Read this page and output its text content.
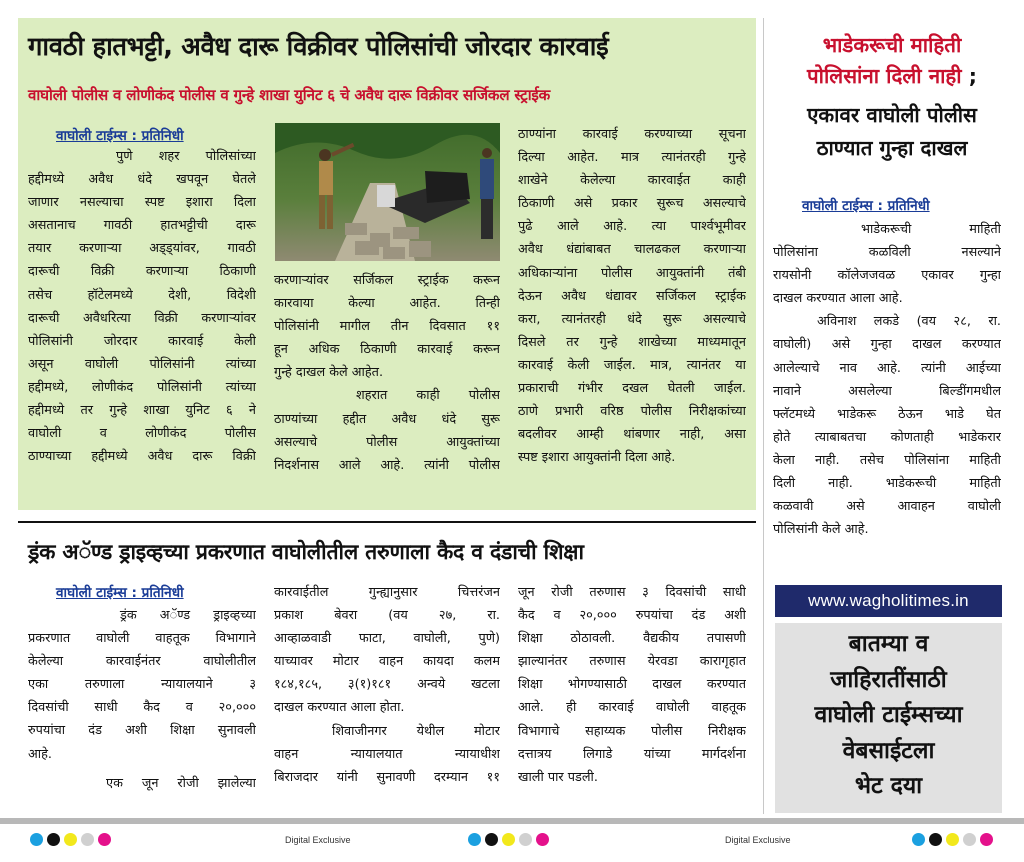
गावठी हातभट्टी, अवैध दारू विक्रीवर पोलिसांची जोरदार कारवाई
वाघोली पोलीस व लोणीकंद पोलीस व गुन्हे शाखा युनिट ६ चे अवैध दारू विक्रीवर सर्जिकल स्ट्राईक
वाघोली टाईम्स : प्रतिनिधी
पुणे शहर पोलिसांच्या
हद्दीमध्ये अवैध धंदे खपवून घेतले
जाणार नसल्याचा स्पष्ट इशारा दिला
असतानाच गावठी हातभट्टीची दारू
तयार करणाऱ्या अड्ड्यांवर, गावठी
दारूची विक्री करणाऱ्या ठिकाणी
तसेच हॉटेलमध्ये देशी, विदेशी
दारूची अवैधरित्या विक्री करणाऱ्यांवर
पोलिसांनी जोरदार कारवाई केली
असून वाघोली पोलिसांनी त्यांच्या
हद्दीमध्ये, लोणीकंद पोलिसांनी त्यांच्या
हद्दीमध्ये तर गुन्हे शाखा युनिट ६ ने
वाघोली व लोणीकंद पोलीस
ठाण्याच्या हद्दीमध्ये अवैध दारू विक्री
करणाऱ्यांवर सर्जिकल स्ट्राईक करून
कारवाया केल्या आहेत. तिन्ही
पोलिसांनी मागील तीन दिवसात ११
हून अधिक ठिकाणी कारवाई करून
गुन्हे दाखल केले आहेत.
शहरात काही पोलीस
ठाण्यांच्या हद्दीत अवैध धंदे सुरू
असल्याचे पोलीस आयुक्तांच्या
निदर्शनास आले आहे. त्यांनी पोलीस
ठाण्यांना कारवाई करण्याच्या सूचना
दिल्या आहेत. मात्र त्यानंतरही गुन्हे
शाखेने केलेल्या कारवाईत काही
ठिकाणी असे प्रकार सुरूच असल्याचे
पुढे आले आहे. त्या पार्श्वभूमीवर
अवैध धंद्यांबाबत चालढकल करणाऱ्या
अधिकाऱ्यांना पोलीस आयुक्तांनी तंबी
देऊन अवैध धंद्यावर सर्जिकल स्ट्राईक
करा, त्यानंतरही धंदे सुरू असल्याचे
दिसले तर गुन्हे शाखेच्या माध्यमातून
कारवाई केली जाईल. मात्र, त्यानंतर या
प्रकाराची गंभीर दखल घेतली जाईल.
ठाणे प्रभारी वरिष्ठ पोलीस निरीक्षकांच्या
बदलीवर आम्ही थांबणार नाही, असा
स्पष्ट इशारा आयुक्तांनी दिला आहे.
ड्रंक अॅण्ड ड्राइव्हच्या प्रकरणात वाघोलीतील तरुणाला कैद व दंडाची शिक्षा
वाघोली टाईम्स : प्रतिनिधी
ड्रंक अॅण्ड ड्राइव्हच्या
प्रकरणात वाघोली वाहतूक विभागाने
केलेल्या कारवाईनंतर वाघोलीतील
एका तरुणाला न्यायालयाने ३
दिवसांची साधी कैद व २०,०००
रुपयांचा दंड अशी शिक्षा सुनावली
आहे.
एक जून रोजी झालेल्या
कारवाईतील गुन्ह्यानुसार चित्तरंजन
प्रकाश बेवरा (वय २७, रा.
आव्हाळवाडी फाटा, वाघोली, पुणे)
याच्यावर मोटार वाहन कायदा कलम
१८४,१८५, ३(१)१८१ अन्वये खटला
दाखल करण्यात आला होता.
शिवाजीनगर येथील मोटार
वाहन न्यायालयात न्यायाधीश
बिराजदार यांनी सुनावणी दरम्यान ११
जून रोजी तरुणास ३ दिवसांची साधी
कैद व २०,००० रुपयांचा दंड अशी
शिक्षा ठोठावली. वैद्यकीय तपासणी
झाल्यानंतर तरुणास येरवडा कारागृहात
शिक्षा भोगण्यासाठी दाखल करण्यात
आले. ही कारवाई वाघोली वाहतूक
विभागाचे सहाय्यक पोलीस निरीक्षक
दत्तात्रय लिगाडे यांच्या मार्गदर्शना
खाली पार पडली.
भाडेकरूची माहिती
पोलिसांना दिली नाही ;
एकावर वाघोली पोलीस
ठाण्यात गुन्हा दाखल
वाघोली टाईम्स : प्रतिनिधी
भाडेकरूची माहिती
पोलिसांना कळविली नसल्याने
रायसोनी कॉलेजजवळ एकावर गुन्हा
दाखल करण्यात आला आहे.
अविनाश लकडे (वय २८, रा.
वाघोली) असे गुन्हा दाखल करण्यात
आलेल्याचे नाव आहे. त्यांनी आईच्या
नावाने असलेल्या बिल्डींगमधील
फ्लॅटमध्ये भाडेकरू ठेऊन भाडे घेत
होते त्याबाबतचा कोणताही भाडेकरार
केला नाही. तसेच पोलिसांना माहिती
दिली नाही. भाडेकरूची माहिती
कळवावी असे आवाहन वाघोली
पोलिसांनी केले आहे.
www.wagholitimes.in
बातम्या व
जाहिरातींसाठी
वाघोली टाईम्सच्या
वेबसाईटला
भेट दया
Digital Exclusive	Digital Exclusive
